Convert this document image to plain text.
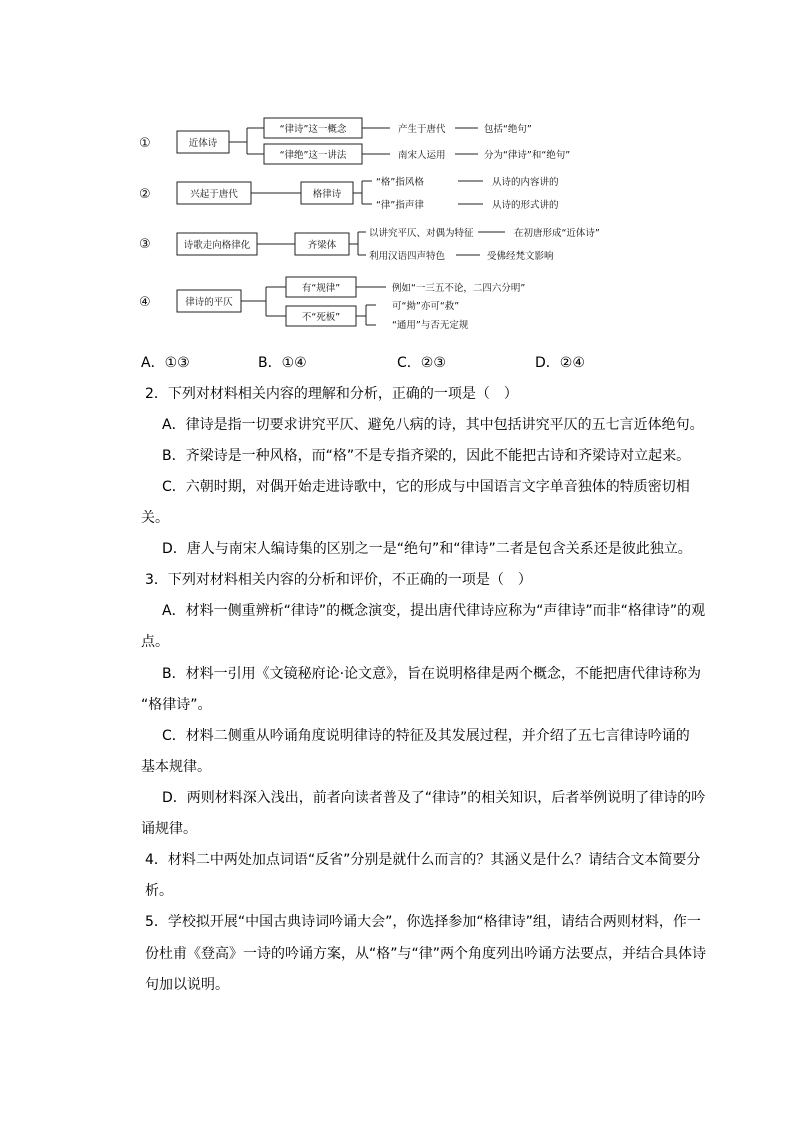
①	近体诗
“律诗”这一概念
“律绝”这一讲法
产生于唐代
南宋人运用
包括“绝句”
分为“律诗”和“绝句”
②	兴起于唐代	格律诗
“格”指风格
“律”指声律
从诗的内容讲的
从诗的形式讲的
③	诗歌走向格律化	齐梁体
以讲究平仄、对偶为特征
利用汉语四声特色
在初唐形成“近体诗”
受佛经梵文影响
④	律诗的平仄
有“规律”
不“死板”
例如“一三五不论，二四六分明”
可“拗”亦可“救”
“通用”与否无定规
A．①③	B．①④	C．②③	D．②④
2．下列对材料相关内容的理解和分析，正确的一项是（　）
A．律诗是指一切要求讲究平仄、避免八病的诗，其中包括讲究平仄的五七言近体绝句。
B．齐梁诗是一种风格，而“格”不是专指齐梁的，因此不能把古诗和齐梁诗对立起来。
C．六朝时期，对偶开始走进诗歌中，它的形成与中国语言文字单音独体的特质密切相
关。
D．唐人与南宋人编诗集的区别之一是“绝句”和“律诗”二者是包含关系还是彼此独立。
3．下列对材料相关内容的分析和评价，不正确的一项是（　）
A．材料一侧重辨析“律诗”的概念演变，提出唐代律诗应称为“声律诗”而非“格律诗”的观
点。
B．材料一引用《文镜秘府论·论文意》，旨在说明格律是两个概念，不能把唐代律诗称为
“格律诗”。
C．材料二侧重从吟诵角度说明律诗的特征及其发展过程，并介绍了五七言律诗吟诵的
基本规律。
D．两则材料深入浅出，前者向读者普及了“律诗”的相关知识，后者举例说明了律诗的吟
诵规律。
4．材料二中两处加点词语“反省”分别是就什么而言的？其涵义是什么？请结合文本简要分
析。
5．学校拟开展“中国古典诗词吟诵大会”，你选择参加“格律诗”组，请结合两则材料，作一
份杜甫《登高》一诗的吟诵方案，从“格”与“律”两个角度列出吟诵方法要点，并结合具体诗
句加以说明。
